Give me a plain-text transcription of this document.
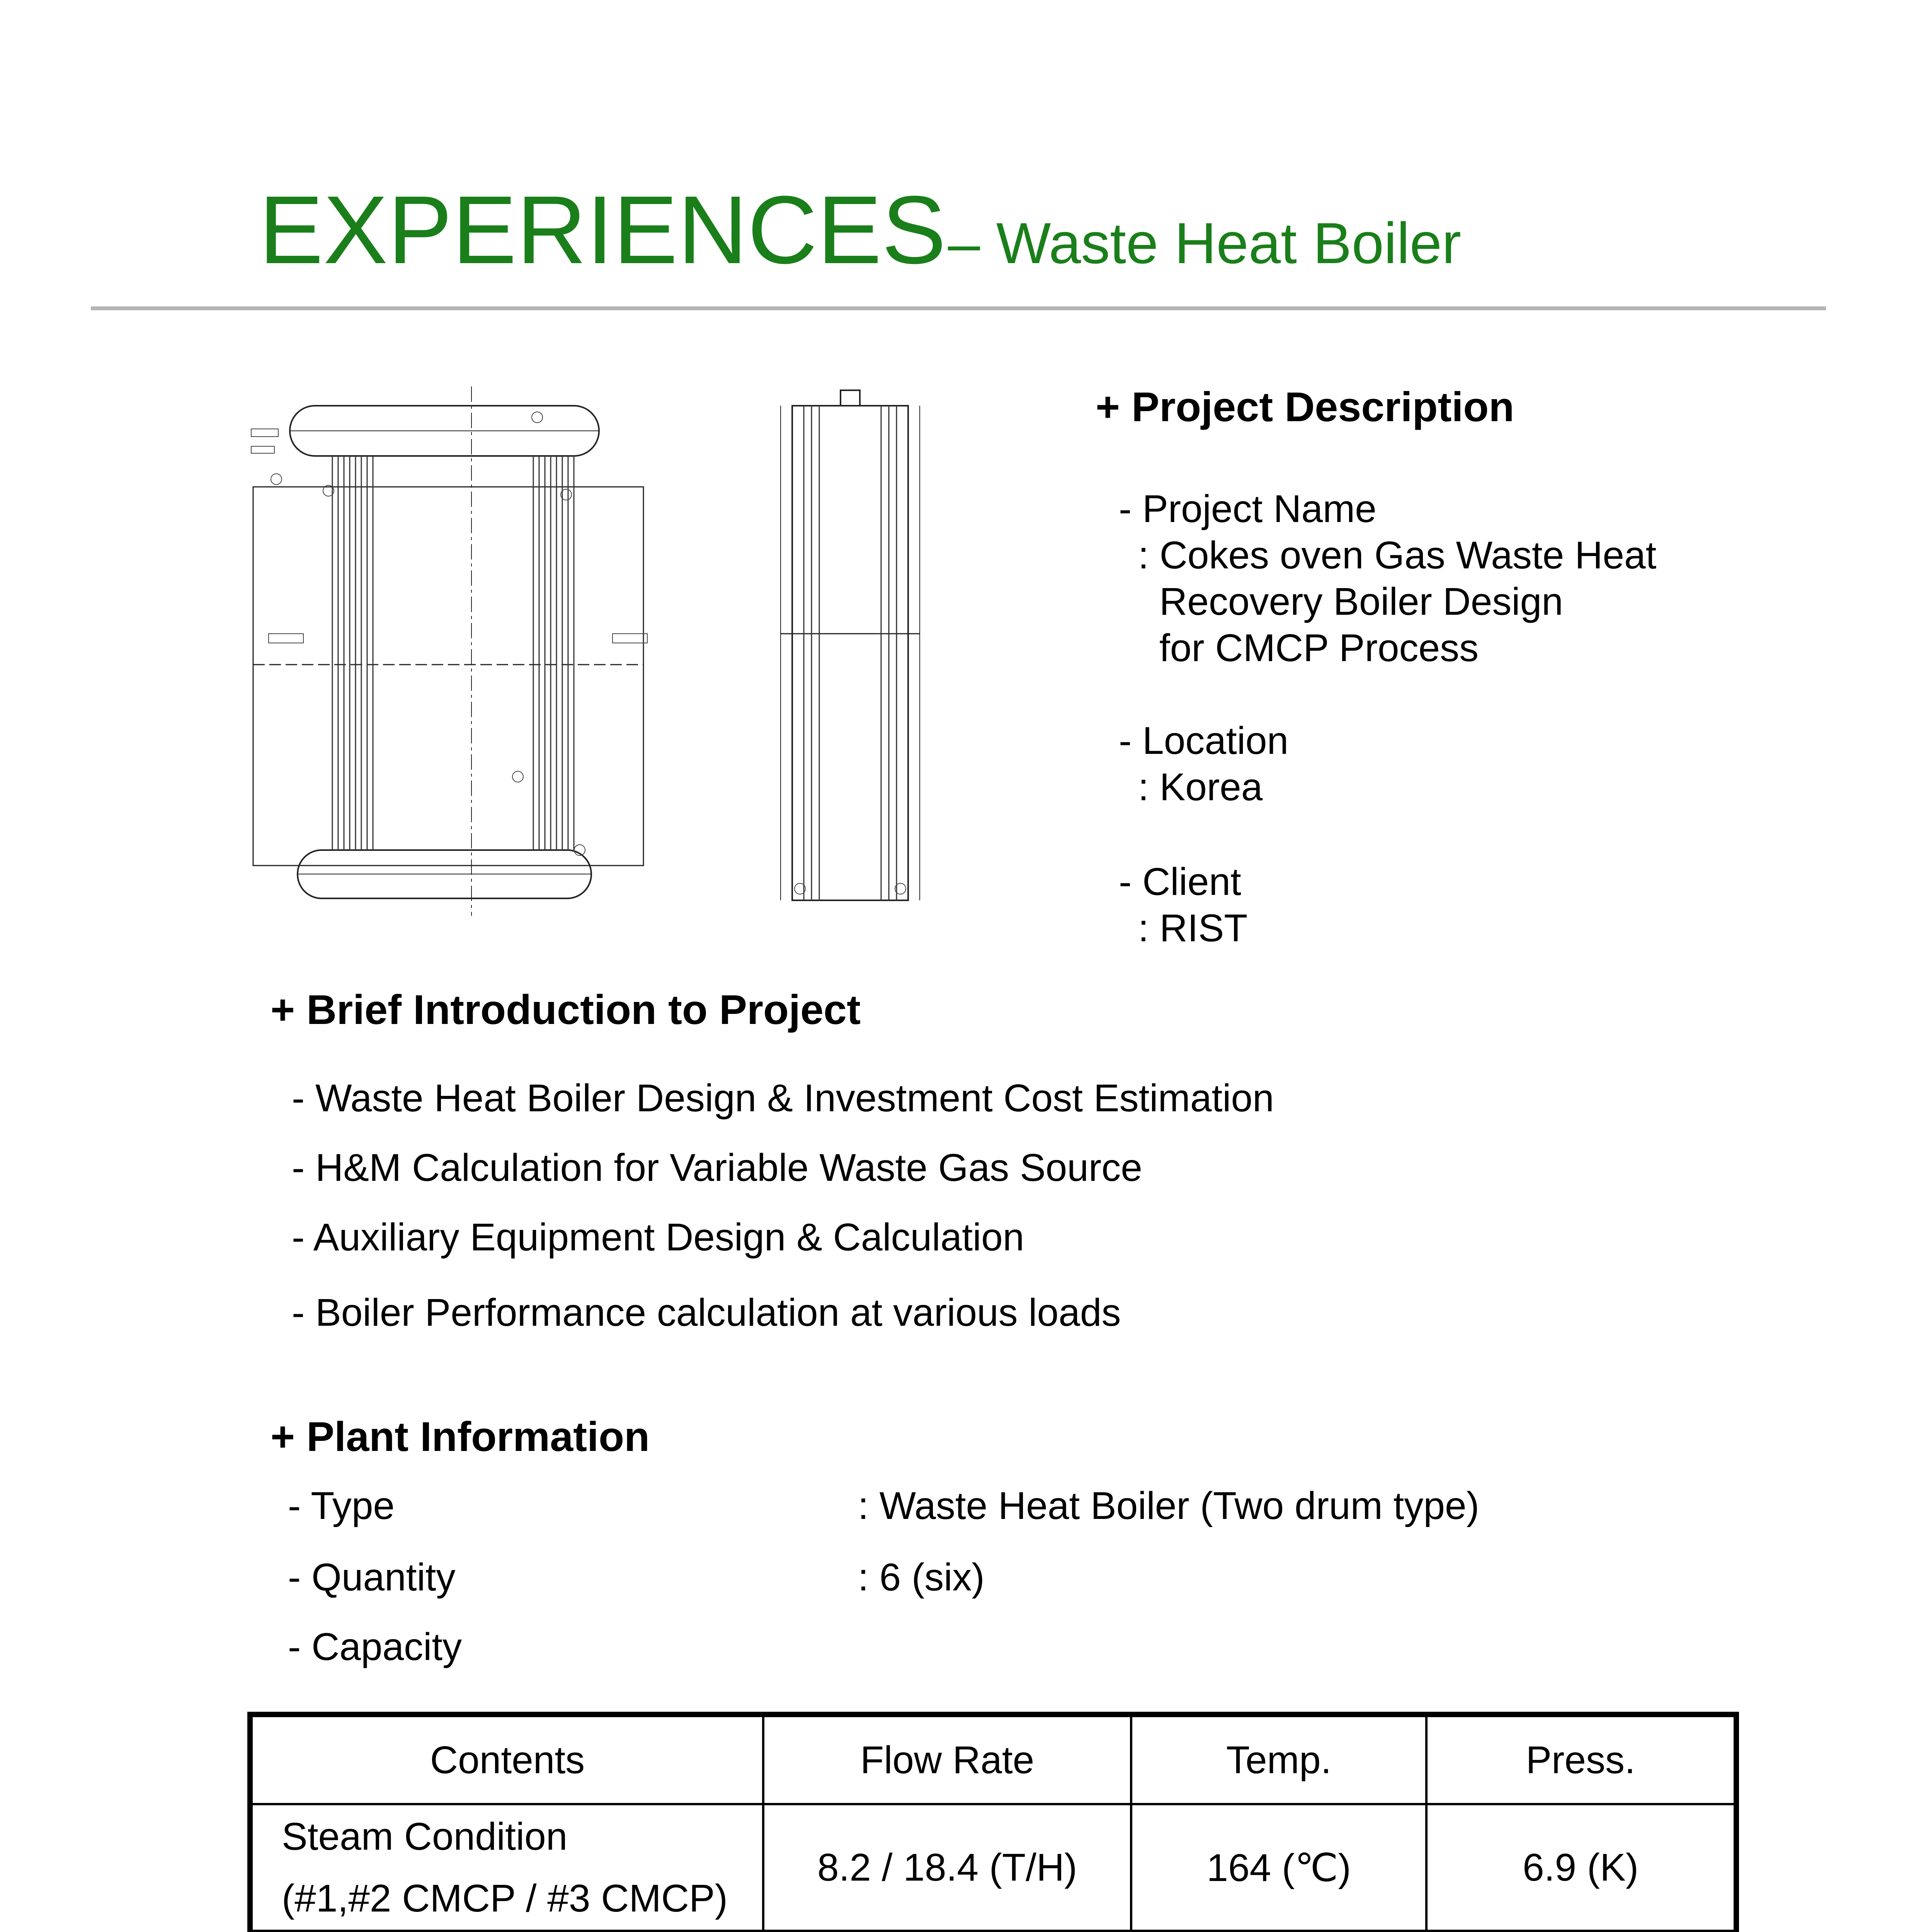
EXPERIENCES – Waste Heat Boiler
+ Project Description
- Project Name
: Cokes oven Gas Waste Heat
Recovery Boiler Design
for CMCP Process
- Location
: Korea
- Client
: RIST
+ Brief Introduction to Project
- Waste Heat Boiler Design & Investment Cost Estimation
- H&M Calculation for Variable Waste Gas Source
- Auxiliary Equipment Design & Calculation
- Boiler Performance calculation at various loads
+ Plant Information
- Type	: Waste Heat Boiler (Two drum type)
- Quantity	: 6 (six)
- Capacity
Contents	Flow Rate	Temp.	Press.

Steam Condition
(#1,#2 CMCP / #3 CMCP)	8.2 / 18.4 (T/H)	164 (℃)	6.9 (K)
